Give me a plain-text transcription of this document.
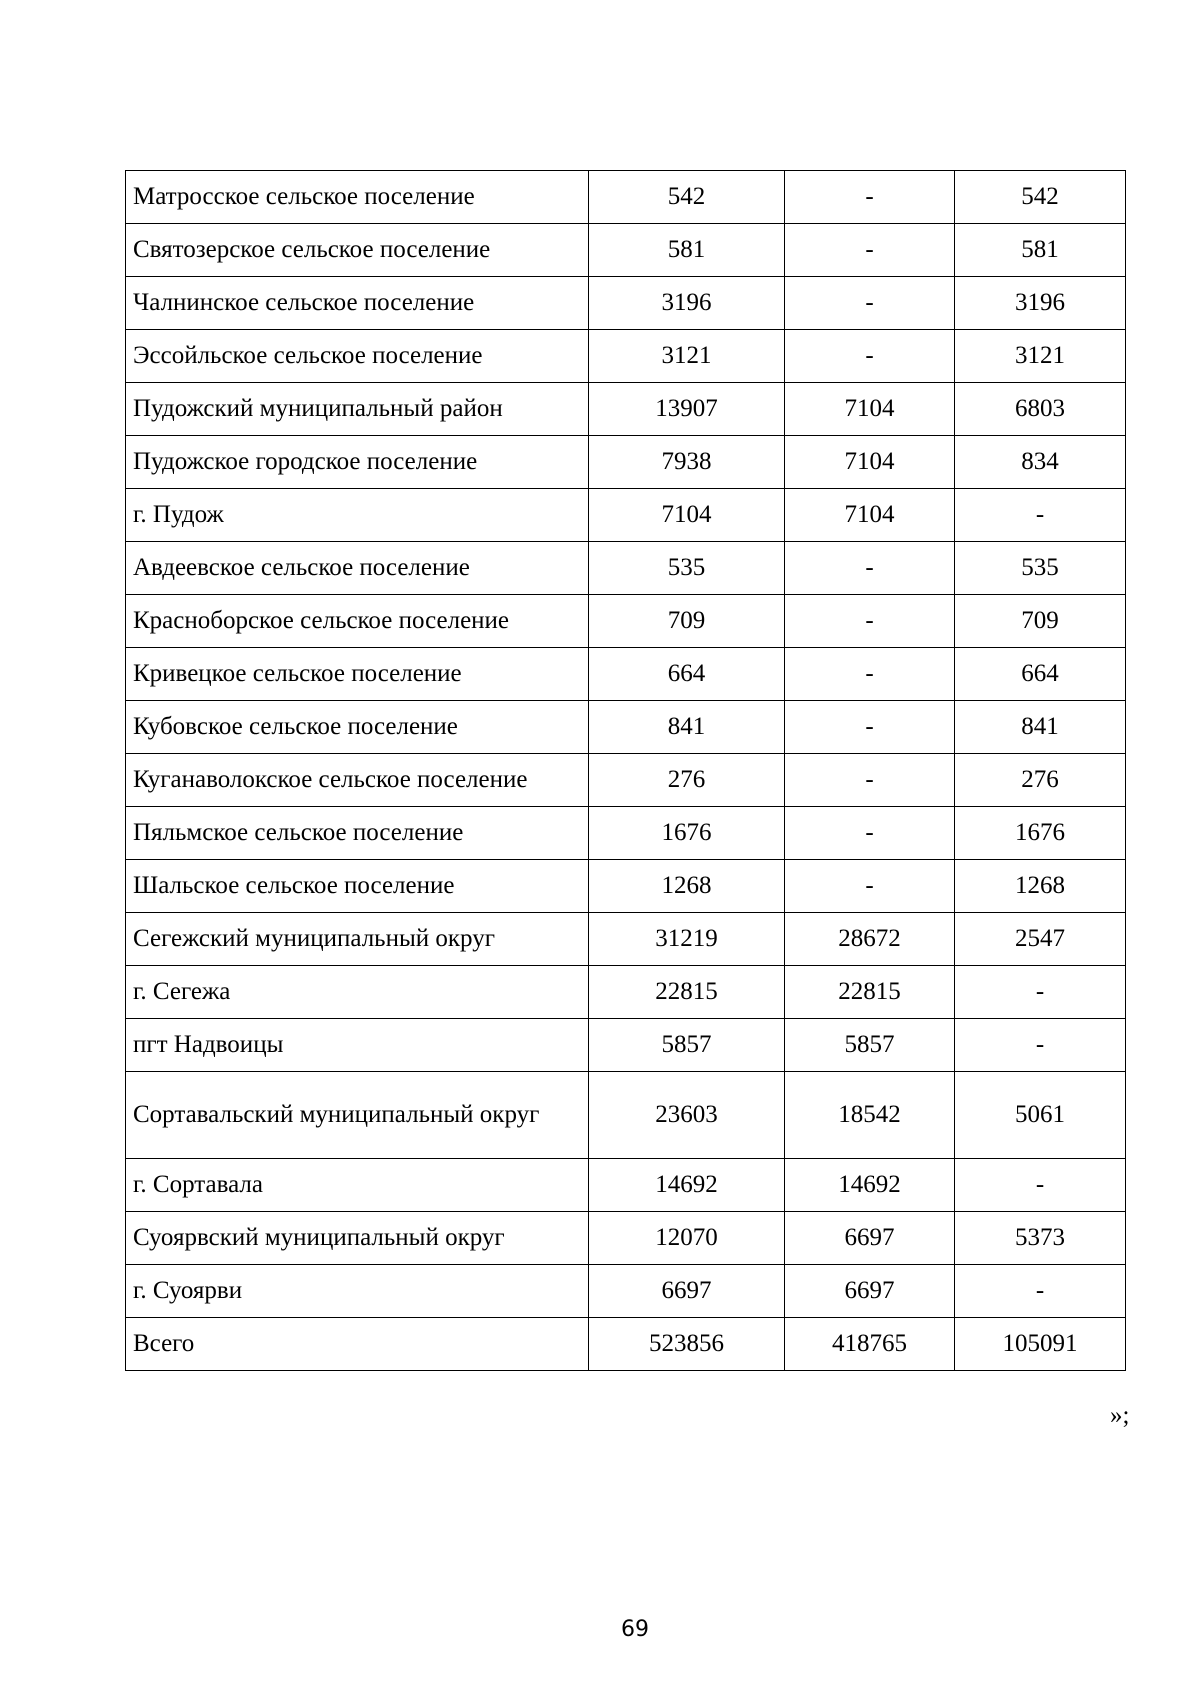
Матросское сельское поселение	542	-	542
Святозерское сельское поселение	581	-	581
Чалнинское сельское поселение	3196	-	3196
Эссойльское сельское поселение	3121	-	3121
Пудожский муниципальный район	13907	7104	6803
Пудожское городское поселение	7938	7104	834
г. Пудож	7104	7104	-
Авдеевское сельское поселение	535	-	535
Красноборское сельское поселение	709	-	709
Кривецкое сельское поселение	664	-	664
Кубовское сельское поселение	841	-	841
Куганаволокское сельское поселение	276	-	276
Пяльмское сельское поселение	1676	-	1676
Шальское сельское поселение	1268	-	1268
Сегежский муниципальный округ	31219	28672	2547
г. Сегежа	22815	22815	-
пгт Надвоицы	5857	5857	-
Сортавальский муниципальный округ	23603	18542	5061
г. Сортавала	14692	14692	-
Суоярвский муниципальный округ	12070	6697	5373
г. Суоярви	6697	6697	-
Всего	523856	418765	105091
»;
69
